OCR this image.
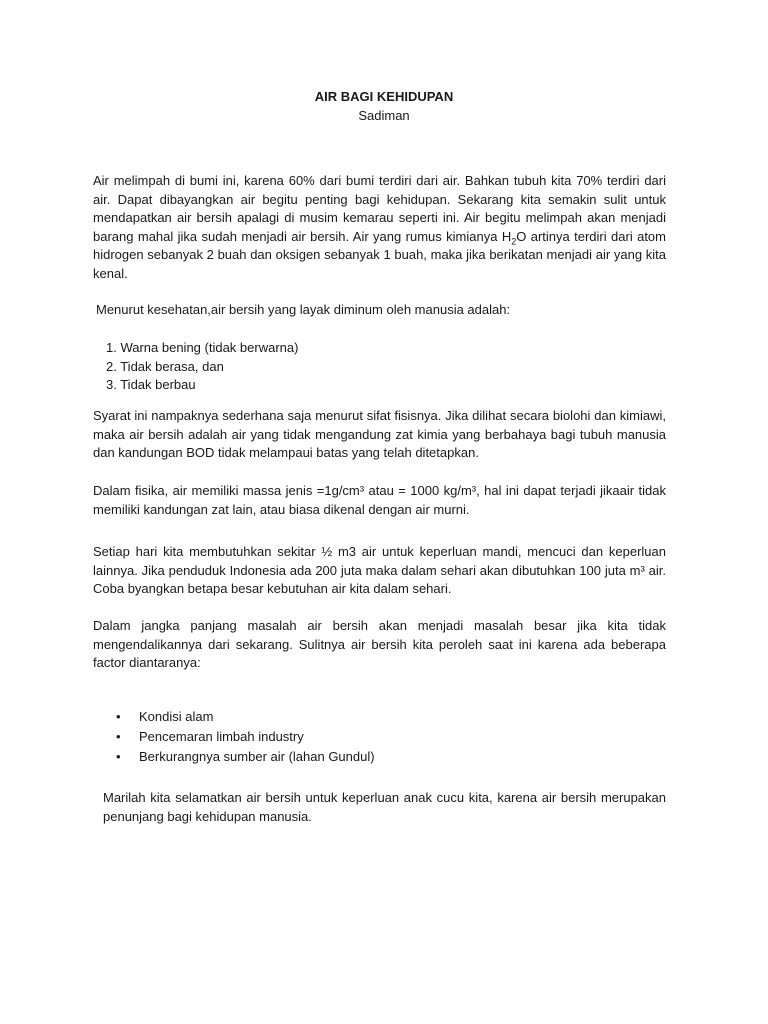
AIR BAGI KEHIDUPAN
Sadiman

Air melimpah di bumi ini, karena 60% dari bumi terdiri dari air. Bahkan tubuh kita 70% terdiri dari air. Dapat dibayangkan air begitu penting bagi kehidupan. Sekarang kita semakin sulit untuk mendapatkan air bersih apalagi di musim kemarau seperti ini. Air begitu melimpah akan menjadi barang mahal jika sudah menjadi air bersih. Air yang rumus kimianya $H_2O$ artinya terdiri dari atom hidrogen sebanyak 2 buah dan oksigen sebanyak 1 buah, maka jika berikatan menjadi air yang kita kenal.

Menurut kesehatan,air bersih yang layak diminum oleh manusia adalah:

1. Warna bening (tidak berwarna)
2. Tidak berasa, dan
3. Tidak berbau

Syarat ini nampaknya sederhana saja menurut sifat fisisnya. Jika dilihat secara biolohi dan kimiawi, maka air bersih adalah air yang tidak mengandung zat kimia yang berbahaya bagi tubuh manusia dan kandungan BOD tidak melampaui batas yang telah ditetapkan.

Dalam fisika, air memiliki massa jenis =1g/cm³ atau = 1000 kg/m³, hal ini dapat terjadi jikaair tidak memiliki kandungan zat lain, atau biasa dikenal dengan air murni.

Setiap hari kita membutuhkan sekitar ½ m3 air untuk keperluan mandi, mencuci dan keperluan lainnya. Jika penduduk Indonesia ada 200 juta maka dalam sehari akan dibutuhkan 100 juta m³ air. Coba byangkan betapa besar kebutuhan air kita dalam sehari.

Dalam jangka panjang masalah air bersih akan menjadi masalah besar jika kita tidak mengendalikannya dari sekarang. Sulitnya air bersih kita peroleh saat ini karena ada beberapa factor diantaranya:

• Kondisi alam
• Pencemaran limbah industry
• Berkurangnya sumber air (lahan Gundul)

Marilah kita selamatkan air bersih untuk keperluan anak cucu kita, karena air bersih merupakan penunjang bagi kehidupan manusia.
